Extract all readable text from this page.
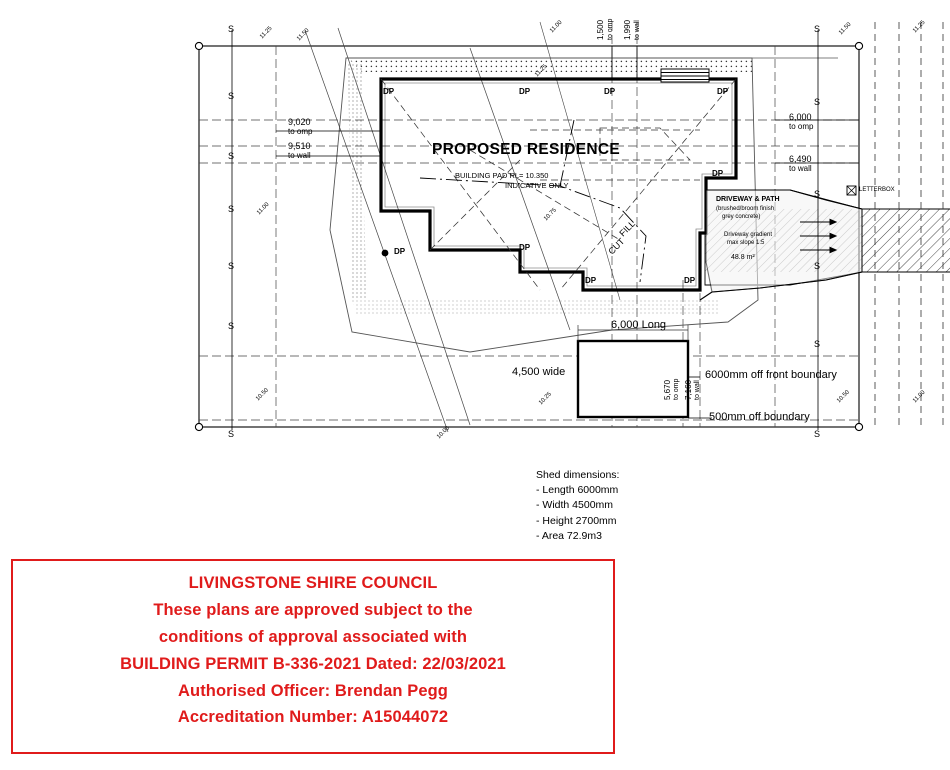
PROPOSED RESIDENCE
BUILDING PAD RL= 10.350
INDICATIVE ONLY
DP	DP	DP	DP
DP
DP	DP
DP	DP
FILL
CUT
9,020
to omp
9,510
to wall
6,000
to omp
6,490
to wall
1,500 to omp 1,990 to wall
5,670 to omp 7,160 to wall
6,000 Long
4,500 wide	6000mm off front boundary
500mm off boundary
DRIVEWAY & PATH
(brushed/broom finish
grey concrete)
Driveway gradient
max slope 1:5
48.8 m²
LETTERBOX
S
S
S
S
S
S
S
S
S
S
S
S
S
11.25	11.50
11.00	11.50	11.25
11.00	10.75
10.50	10.25
10.00
10.50	11.00
11.25
Shed dimensions:
- Length 6000mm
- Width 4500mm
- Height 2700mm
- Area 72.9m3
LIVINGSTONE SHIRE COUNCIL
These plans are approved subject to the
conditions of approval associated with
BUILDING PERMIT B-336-2021 Dated: 22/03/2021
Authorised Officer: Brendan Pegg
Accreditation Number: A15044072
